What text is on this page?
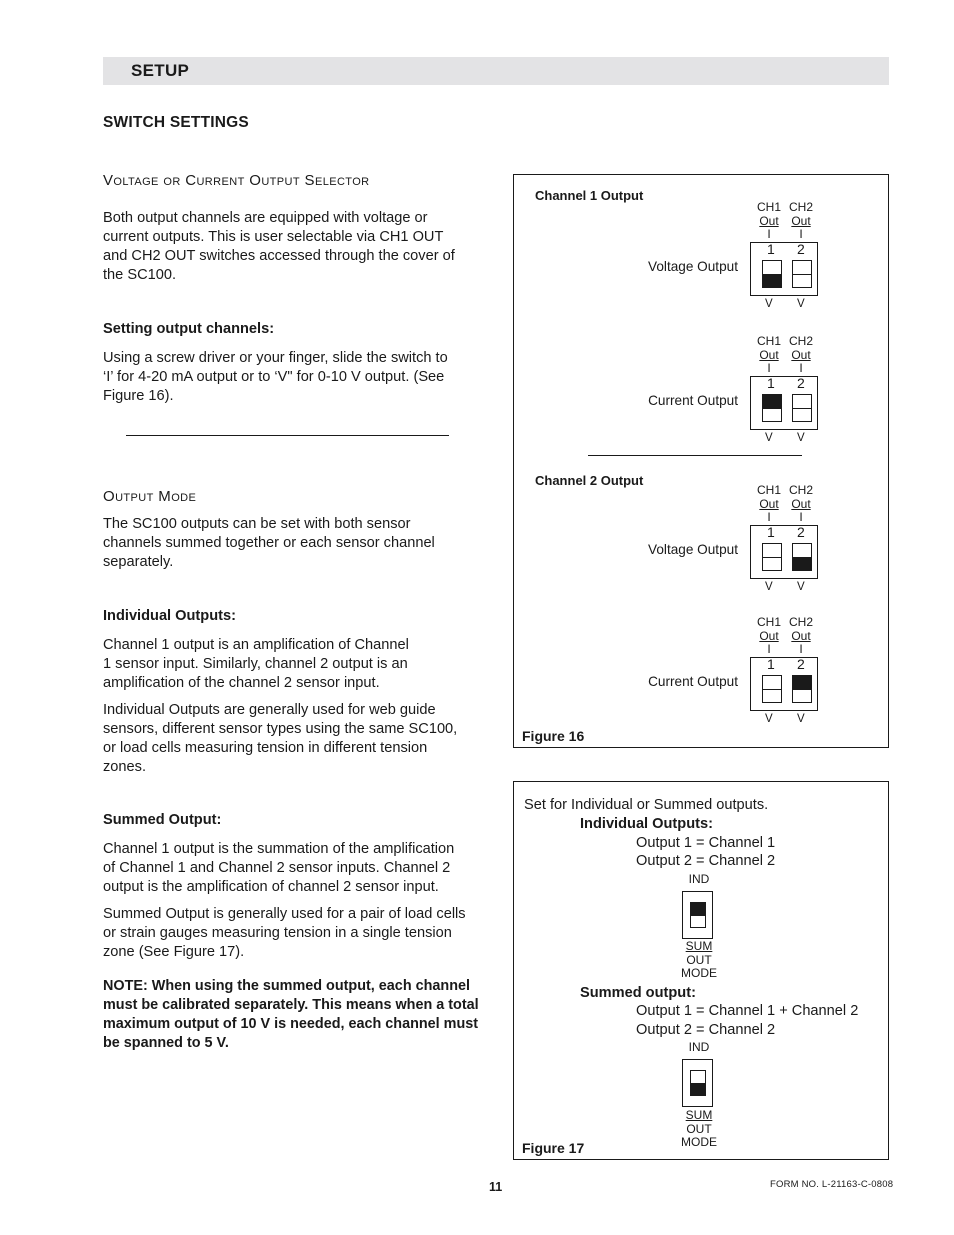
SETUP
SWITCH SETTINGS
Voltage or Current Output Selector
Both output channels are equipped with voltage or
current outputs. This is user selectable via CH1 OUT
and CH2 OUT switches accessed through the cover of
the SC100.
Setting output channels:
Using a screw driver or your finger, slide the switch to
‘I’ for 4-20 mA output or to ‘V" for 0-10 V output. (See
Figure 16).
Output Mode
The SC100 outputs can be set with both sensor
channels summed together or each sensor channel
separately.
Individual Outputs:
Channel 1 output is an amplification of Channel
1 sensor input. Similarly, channel 2 output is an
amplification of the channel 2 sensor input.
Individual Outputs are generally used for web guide
sensors, different sensor types using the same SC100,
or load cells measuring tension in different tension
zones.
Summed Output:
Channel 1 output is the summation of the amplification
of Channel 1 and Channel 2 sensor inputs. Channel 2
output is the amplification of channel 2 sensor input.
Summed Output is generally used for a pair of load cells
or strain gauges measuring tension in a single tension
zone (See Figure 17).
NOTE: When using the summed output, each channel
must be calibrated separately. This means when a total
maximum output of 10 V is needed, each channel must
be spanned to 5 V.
Channel 1 Output
Channel 2 Output
Figure 16
Voltage Output
CH1
Out
I
CH2
Out
I
1 2
V V
Current Output
CH1
Out
I
CH2
Out
I
1 2
V V
Voltage Output
CH1
Out
I
CH2
Out
I
1 2
V V
Current Output
CH1
Out
I
CH2
Out
I
1 2
V V
Set for Individual or Summed outputs.
Individual Outputs:
Output 1 = Channel 1
Output 2 = Channel 2
IND
SUM
OUT
MODE
Summed output:
Output 1 = Channel 1 + Channel 2
Output 2 = Channel 2
IND
SUM
OUT
MODE
Figure 17
11	FORM NO. L-21163-C-0808
